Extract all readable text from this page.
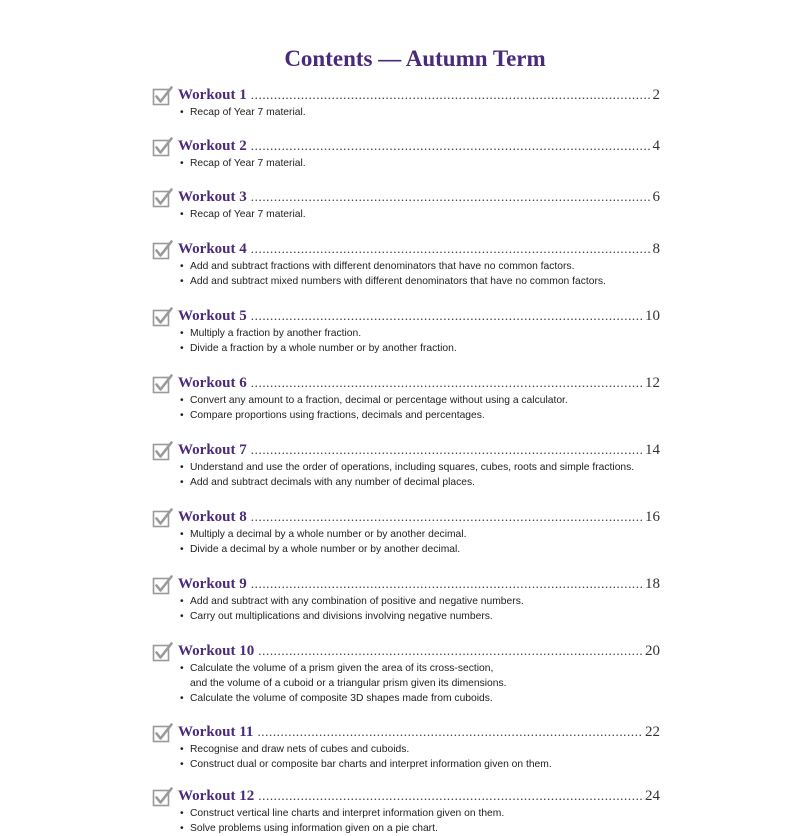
Contents — Autumn Term
Workout 1 .....	2
• Recap of Year 7 material.
Workout 2 .....	4
• Recap of Year 7 material.
Workout 3 .....	6
• Recap of Year 7 material.
Workout 4 .....	8
• Add and subtract fractions with different denominators that have no common factors.
• Add and subtract mixed numbers with different denominators that have no common factors.
Workout 5 .....	10
• Multiply a fraction by another fraction.
• Divide a fraction by a whole number or by another fraction.
Workout 6 .....	12
• Convert any amount to a fraction, decimal or percentage without using a calculator.
• Compare proportions using fractions, decimals and percentages.
Workout 7 .....	14
• Understand and use the order of operations, including squares, cubes, roots and simple fractions.
• Add and subtract decimals with any number of decimal places.
Workout 8 .....	16
• Multiply a decimal by a whole number or by another decimal.
• Divide a decimal by a whole number or by another decimal.
Workout 9 .....	18
• Add and subtract with any combination of positive and negative numbers.
• Carry out multiplications and divisions involving negative numbers.
Workout 10 .....	20
• Calculate the volume of a prism given the area of its cross-section,
and the volume of a cuboid or a triangular prism given its dimensions.
• Calculate the volume of composite 3D shapes made from cuboids.
Workout 11 .....	22
• Recognise and draw nets of cubes and cuboids.
• Construct dual or composite bar charts and interpret information given on them.
Workout 12 .....	24
• Construct vertical line charts and interpret information given on them.
• Solve problems using information given on a pie chart.
